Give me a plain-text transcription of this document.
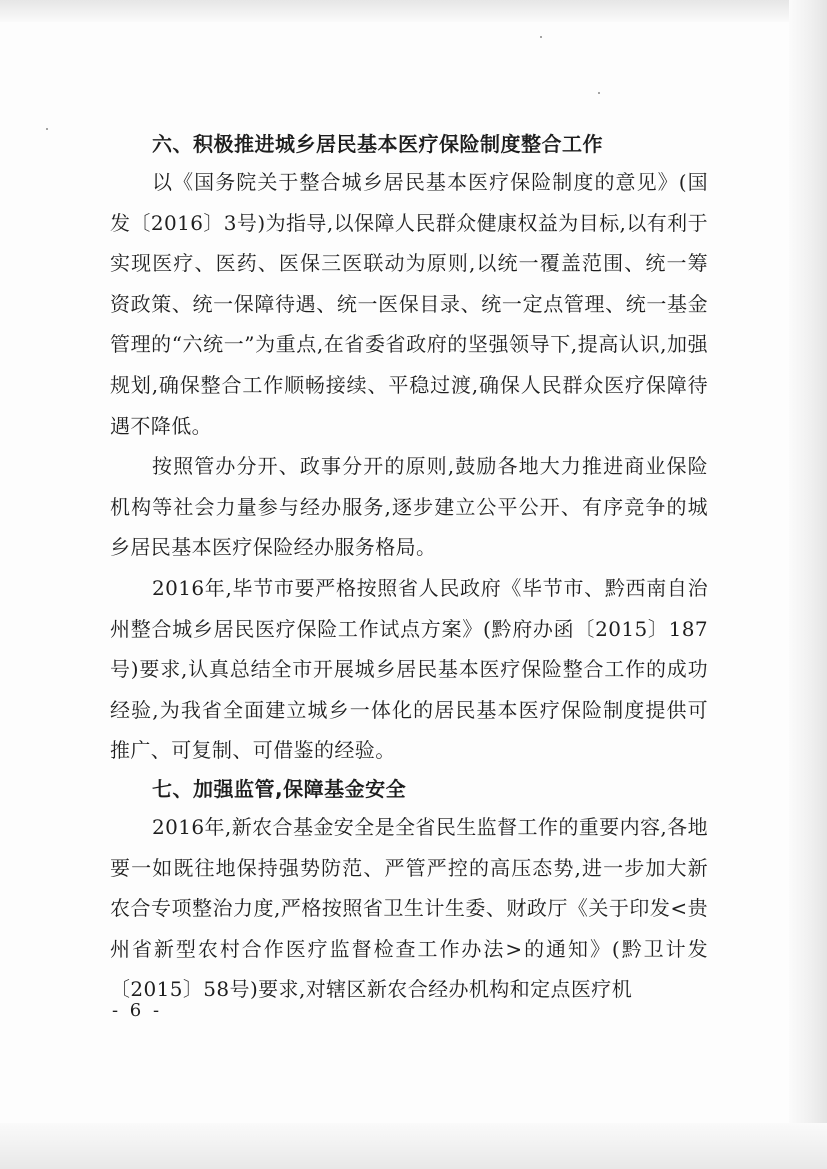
六、积极推进城乡居民基本医疗保险制度整合工作

以《国务院关于整合城乡居民基本医疗保险制度的意见》(国发〔2016〕3号)为指导,以保障人民群众健康权益为目标,以有利于实现医疗、医药、医保三医联动为原则,以统一覆盖范围、统一筹资政策、统一保障待遇、统一医保目录、统一定点管理、统一基金管理的“六统一”为重点,在省委省政府的坚强领导下,提高认识,加强规划,确保整合工作顺畅接续、平稳过渡,确保人民群众医疗保障待遇不降低。

按照管办分开、政事分开的原则,鼓励各地大力推进商业保险机构等社会力量参与经办服务,逐步建立公平公开、有序竞争的城乡居民基本医疗保险经办服务格局。

2016年,毕节市要严格按照省人民政府《毕节市、黔西南自治州整合城乡居民医疗保险工作试点方案》(黔府办函〔2015〕187号)要求,认真总结全市开展城乡居民基本医疗保险整合工作的成功经验,为我省全面建立城乡一体化的居民基本医疗保险制度提供可推广、可复制、可借鉴的经验。

七、加强监管,保障基金安全

2016年,新农合基金安全是全省民生监督工作的重要内容,各地要一如既往地保持强势防范、严管严控的高压态势,进一步加大新农合专项整治力度,严格按照省卫生计生委、财政厅《关于印发<贵州省新型农村合作医疗监督检查工作办法>的通知》(黔卫计发〔2015〕58号)要求,对辖区新农合经办机构和定点医疗机

- 6 -
